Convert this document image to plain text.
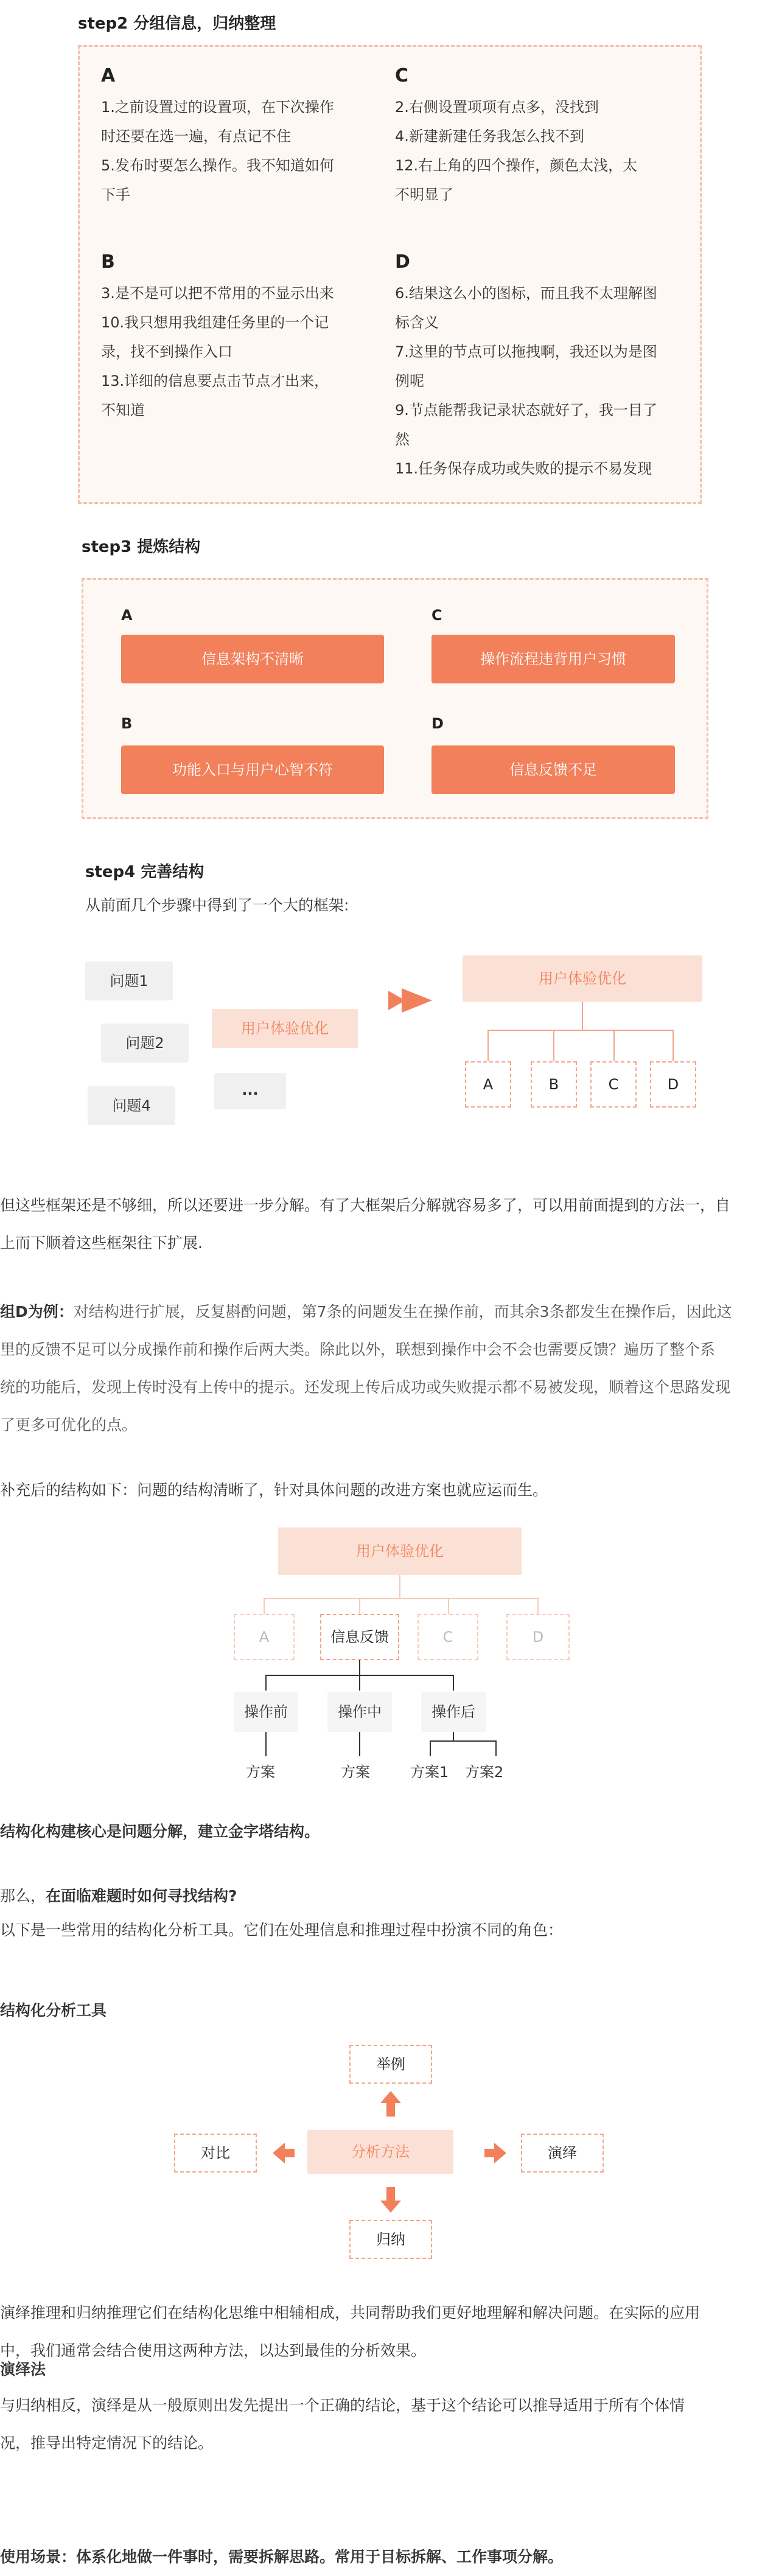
step2 分组信息，归纳整理
A
1.之前设置过的设置项，在下次操作
时还要在选一遍，有点记不住
5.发布时要怎么操作。我不知道如何
下手
C
2.右侧设置项项有点多，没找到
4.新建新建任务我怎么找不到
12.右上角的四个操作，颜色太浅，太
不明显了
B
3.是不是可以把不常用的不显示出来
10.我只想用我组建任务里的一个记
录，找不到操作入口
13.详细的信息要点击节点才出来，
不知道
D
6.结果这么小的图标，而且我不太理解图
标含义
7.这里的节点可以拖拽啊，我还以为是图
例呢
9.节点能帮我记录状态就好了，我一目了
然
11.任务保存成功或失败的提示不易发现
step3 提炼结构
A
信息架构不清晰
C
操作流程违背用户习惯
B
功能入口与用户心智不符
D
信息反馈不足
step4 完善结构
从前面几个步骤中得到了一个大的框架:
问题1
问题2
问题4
...
用户体验优化
用户体验优化
A	B	C	D
但这些框架还是不够细，所以还要进一步分解。有了大框架后分解就容易多了，可以用前面提到的方法一，自
上而下顺着这些框架往下扩展.
组D为例：对结构进行扩展，反复斟酌问题，第7条的问题发生在操作前，而其余3条都发生在操作后，因此这
里的反馈不足可以分成操作前和操作后两大类。除此以外，联想到操作中会不会也需要反馈？遍历了整个系
统的功能后，发现上传时没有上传中的提示。还发现上传后成功或失败提示都不易被发现，顺着这个思路发现
了更多可优化的点。
补充后的结构如下：问题的结构清晰了，针对具体问题的改进方案也就应运而生。
用户体验优化
A	信息反馈	C	D
操作前	操作中	操作后
方案	方案	方案1 方案2
结构化构建核心是问题分解，建立金字塔结构。
那么，在面临难题时如何寻找结构?
以下是一些常用的结构化分析工具。它们在处理信息和推理过程中扮演不同的角色：
结构化分析工具
分析方法
举例
对比	演绎
归纳
演绎推理和归纳推理它们在结构化思维中相辅相成，共同帮助我们更好地理解和解决问题。在实际的应用
中，我们通常会结合使用这两种方法，以达到最佳的分析效果。
演绎法
与归纳相反，演绎是从一般原则出发先提出一个正确的结论，基于这个结论可以推导适用于所有个体情
况，推导出特定情况下的结论。
使用场景：体系化地做一件事时，需要拆解思路。常用于目标拆解、工作事项分解。
